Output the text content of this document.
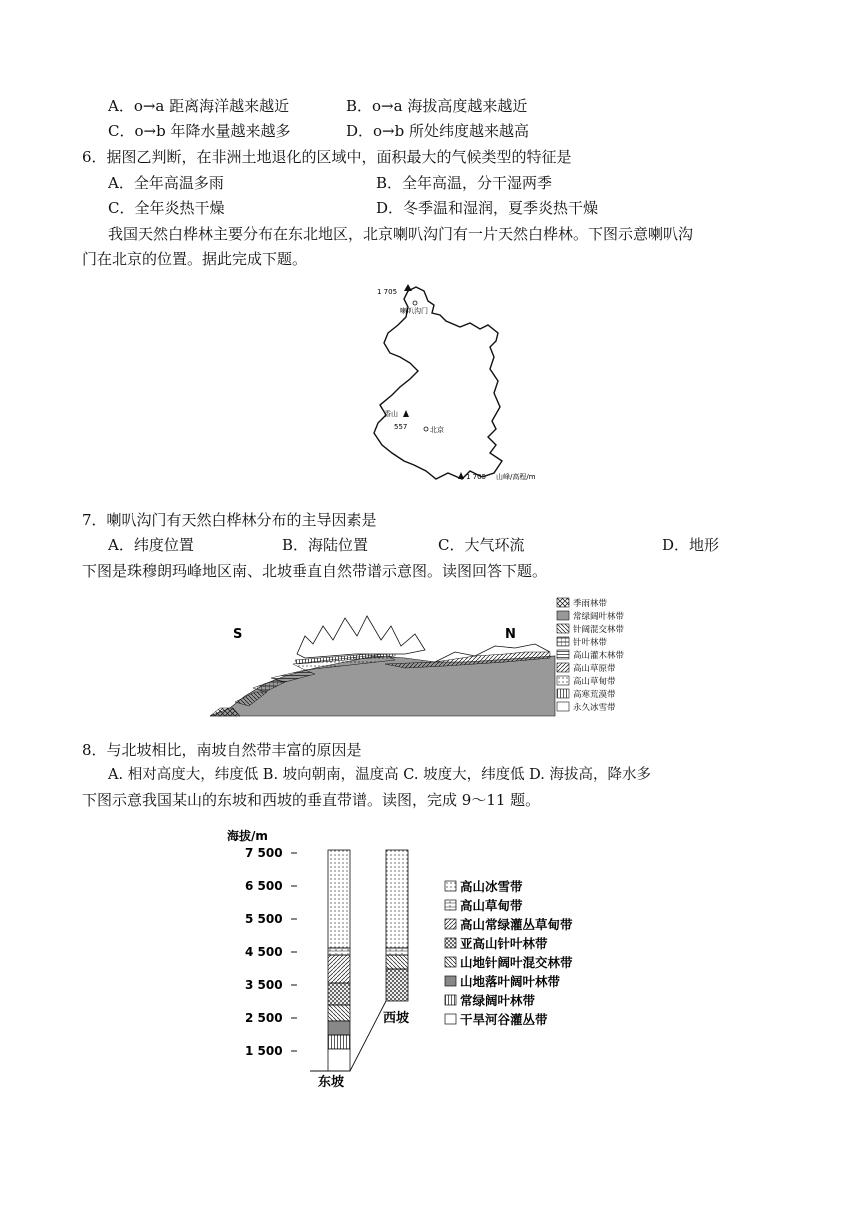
A．o→a 距离海洋越来越近	B．o→a 海拔高度越来越近
C．o→b 年降水量越来越多	D．o→b 所处纬度越来越高
6．据图乙判断，在非洲土地退化的区域中，面积最大的气候类型的特征是
A．全年高温多雨	B．全年高温，分干湿两季
C．全年炎热干燥	D．冬季温和湿润，夏季炎热干燥
我国天然白桦林主要分布在东北地区，北京喇叭沟门有一片天然白桦林。下图示意喇叭沟
门在北京的位置。据此完成下题。
1 705
喇叭沟门
香山
557	北京
1 705 山峰/高程/m
7．喇叭沟门有天然白桦林分布的主导因素是
A．纬度位置	B．海陆位置	C．大气环流	D．地形
下图是珠穆朗玛峰地区南、北坡垂直自然带谱示意图。读图回答下题。
S	N
季雨林带
常绿阔叶林带
针阔混交林带
针叶林带
高山灌木林带
高山草原带
高山草甸带
高寒荒漠带
永久冰雪带
8．与北坡相比，南坡自然带丰富的原因是
A. 相对高度大，纬度低 B. 坡向朝南，温度高 C. 坡度大，纬度低 D. 海拔高，降水多
下图示意我国某山的东坡和西坡的垂直带谱。读图，完成 9～11 题。
海拔/m
7 500
6 500
5 500
4 500
3 500
2 500
1 500
西坡
东坡
高山冰雪带
高山草甸带
高山常绿灌丛草甸带
亚高山针叶林带
山地针阔叶混交林带
山地落叶阔叶林带
常绿阔叶林带
干旱河谷灌丛带
